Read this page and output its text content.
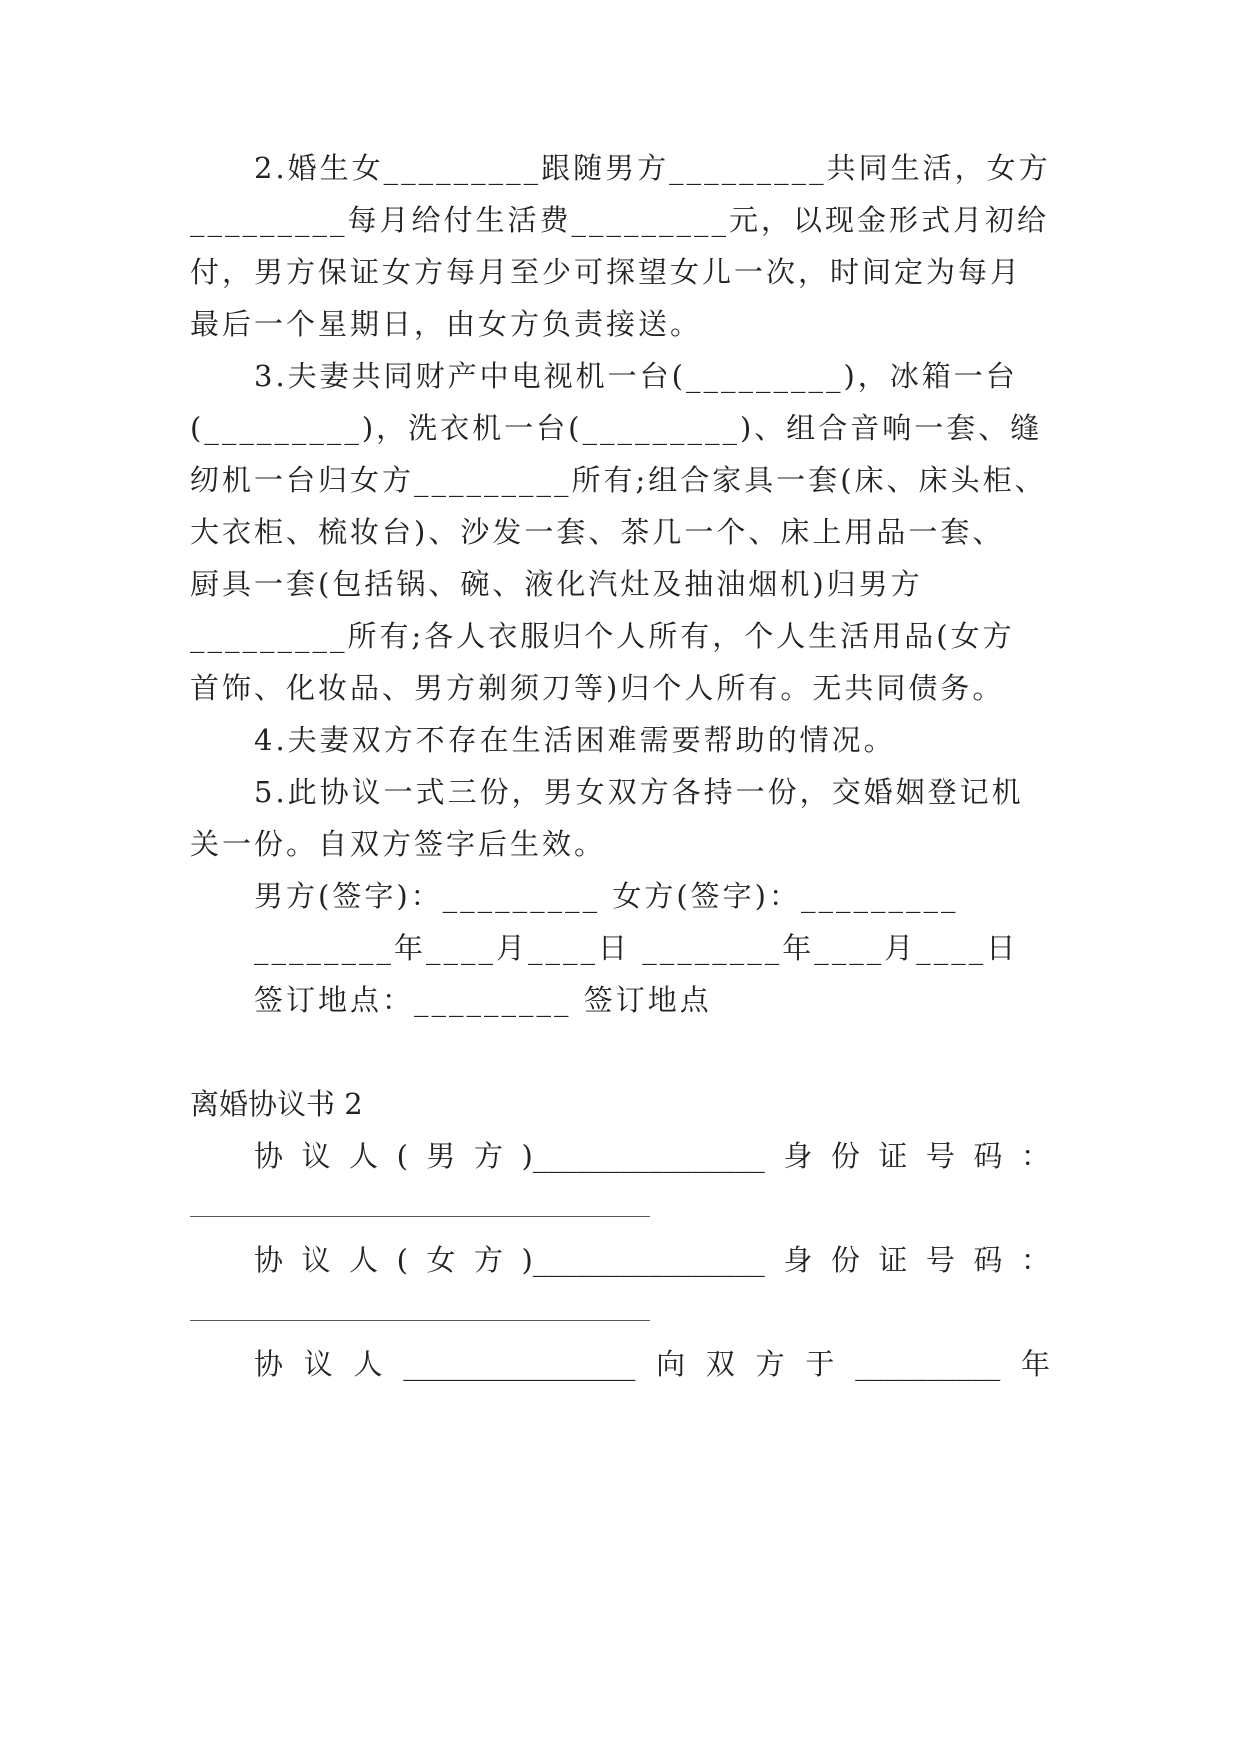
2.婚生女_________跟随男方_________共同生活，女方
_________每月给付生活费_________元，以现金形式月初给
付，男方保证女方每月至少可探望女儿一次，时间定为每月
最后一个星期日，由女方负责接送。
3.夫妻共同财产中电视机一台(_________)，冰箱一台
(_________)，洗衣机一台(_________)、组合音响一套、缝
纫机一台归女方_________所有;组合家具一套(床、床头柜、
大衣柜、梳妆台)、沙发一套、茶几一个、床上用品一套、
厨具一套(包括锅、碗、液化汽灶及抽油烟机)归男方
_________所有;各人衣服归个人所有，个人生活用品(女方
首饰、化妆品、男方剃须刀等)归个人所有。无共同债务。
4.夫妻双方不存在生活困难需要帮助的情况。
5.此协议一式三份，男女双方各持一份，交婚姻登记机
关一份。自双方签字后生效。
男方(签字)：_________ 女方(签字)：_________
________年____月____日 ________年____月____日
签订地点：_________ 签订地点
离婚协议书 2
协议人(男方)________________身份证号码：
协议人(女方)________________身份证号码：
协议人________________向双方于__________年
